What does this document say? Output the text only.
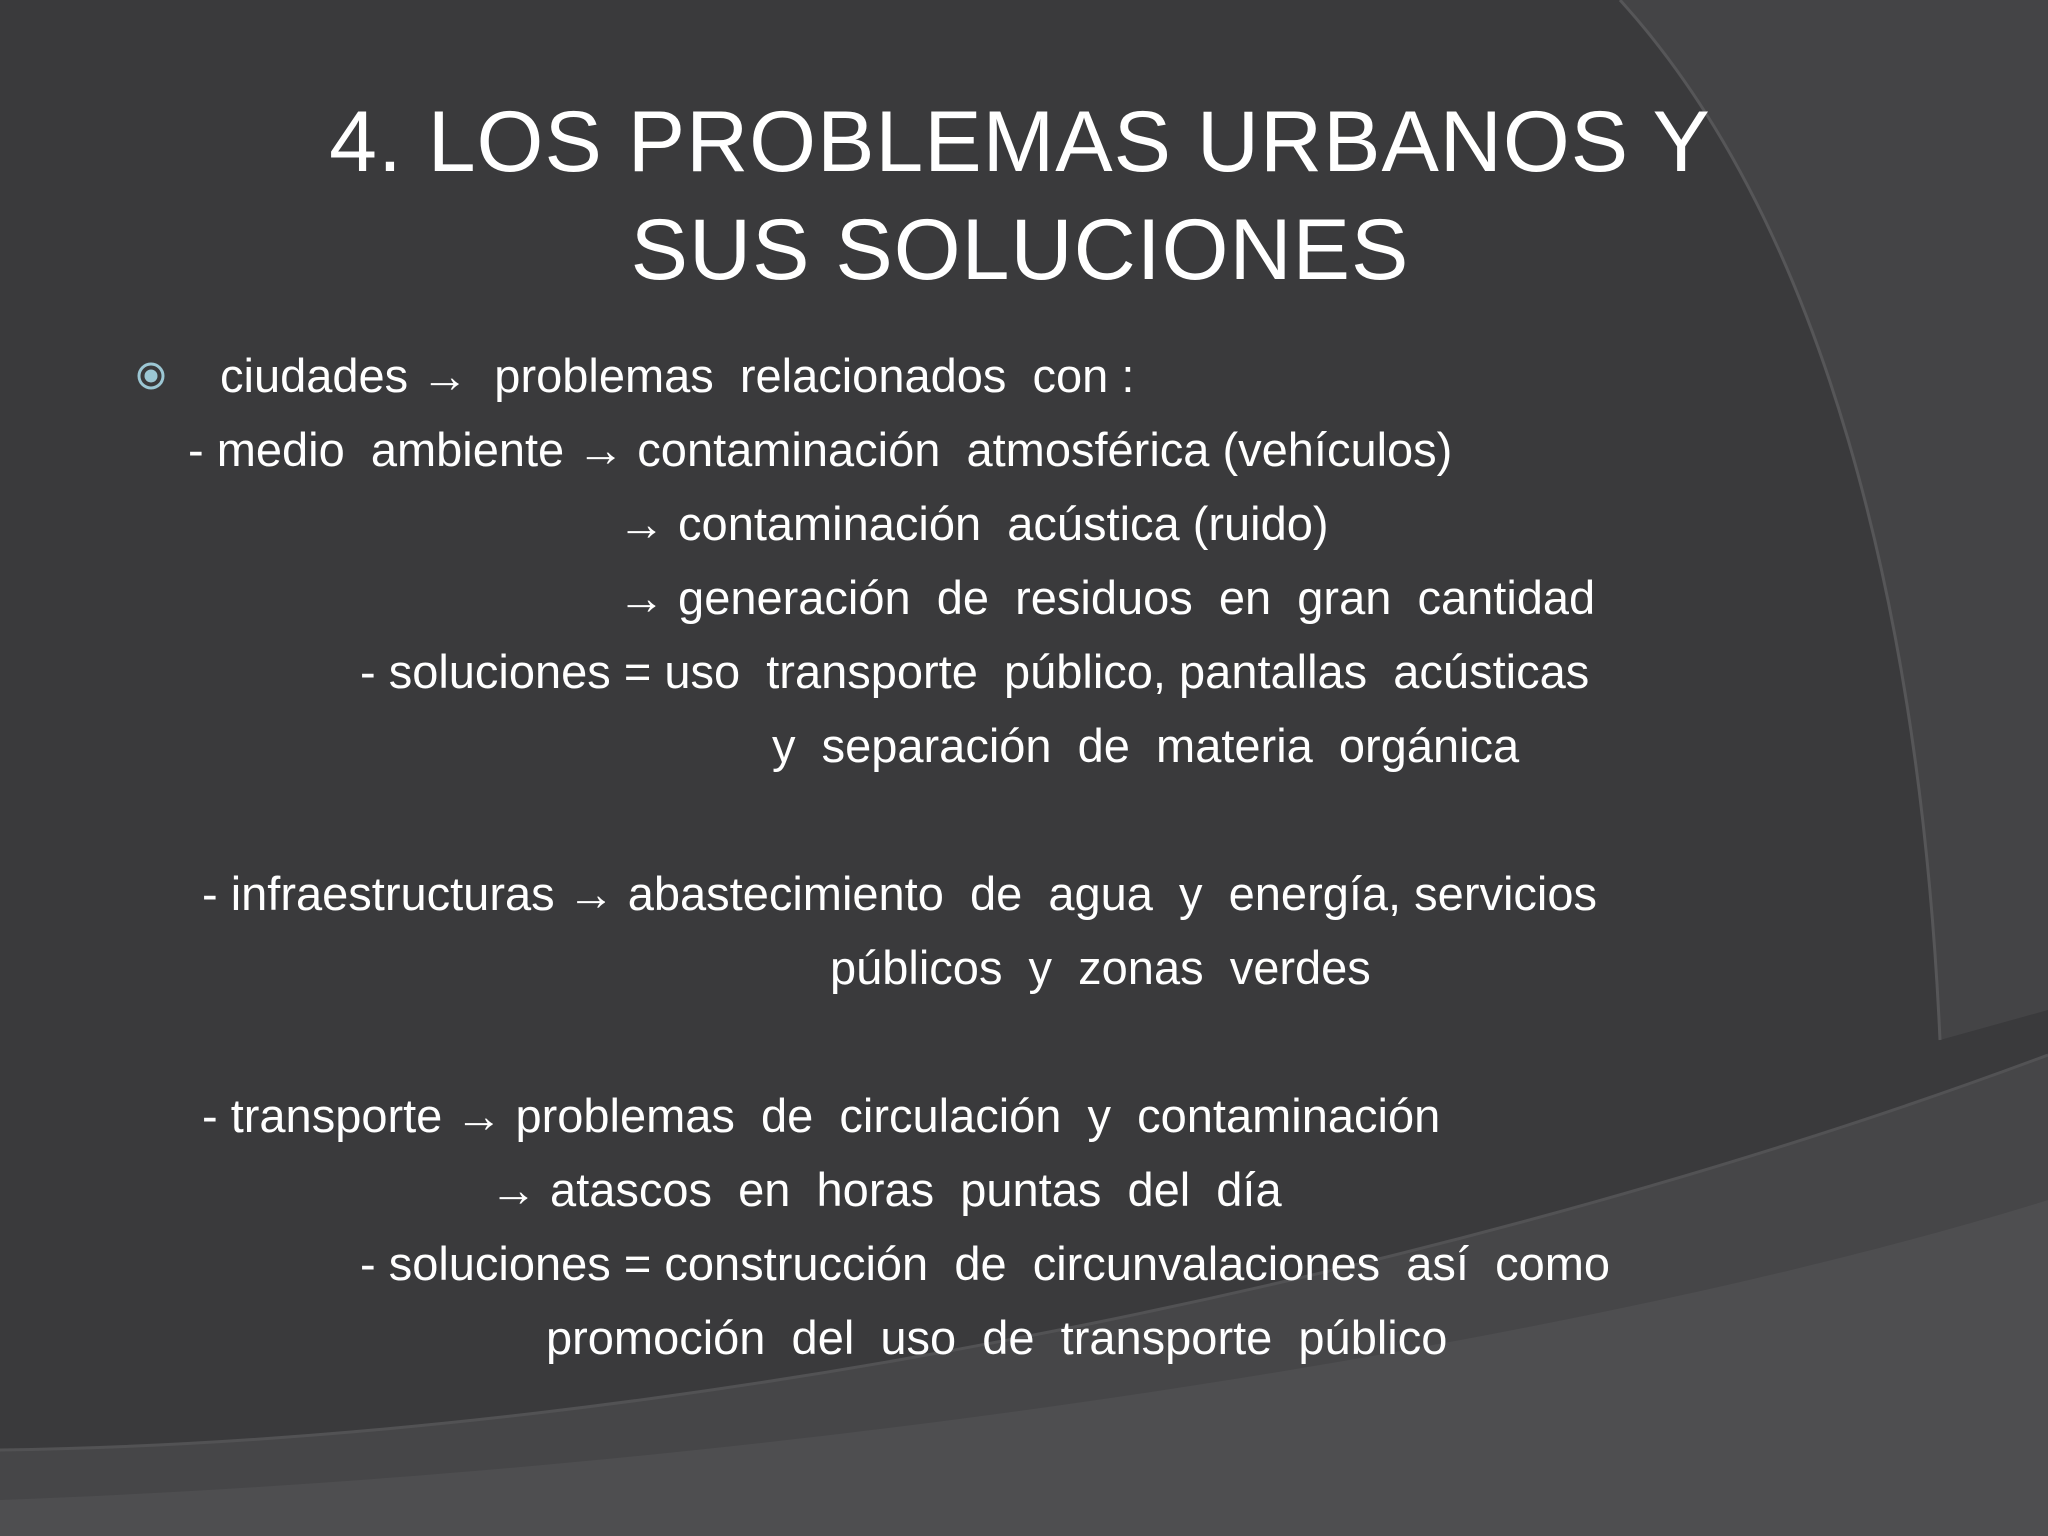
4. LOS PROBLEMAS URBANOS Y
SUS SOLUCIONES
ciudades →  problemas  relacionados  con :
- medio  ambiente → contaminación  atmosférica (vehículos)
→ contaminación  acústica (ruido)
→ generación  de  residuos  en  gran  cantidad
- soluciones = uso  transporte  público, pantallas  acústicas
y  separación  de  materia  orgánica
- infraestructuras → abastecimiento  de  agua  y  energía, servicios
públicos  y  zonas  verdes
- transporte → problemas  de  circulación  y  contaminación
→ atascos  en  horas  puntas  del  día
- soluciones = construcción  de  circunvalaciones  así  como
promoción  del  uso  de  transporte  público
